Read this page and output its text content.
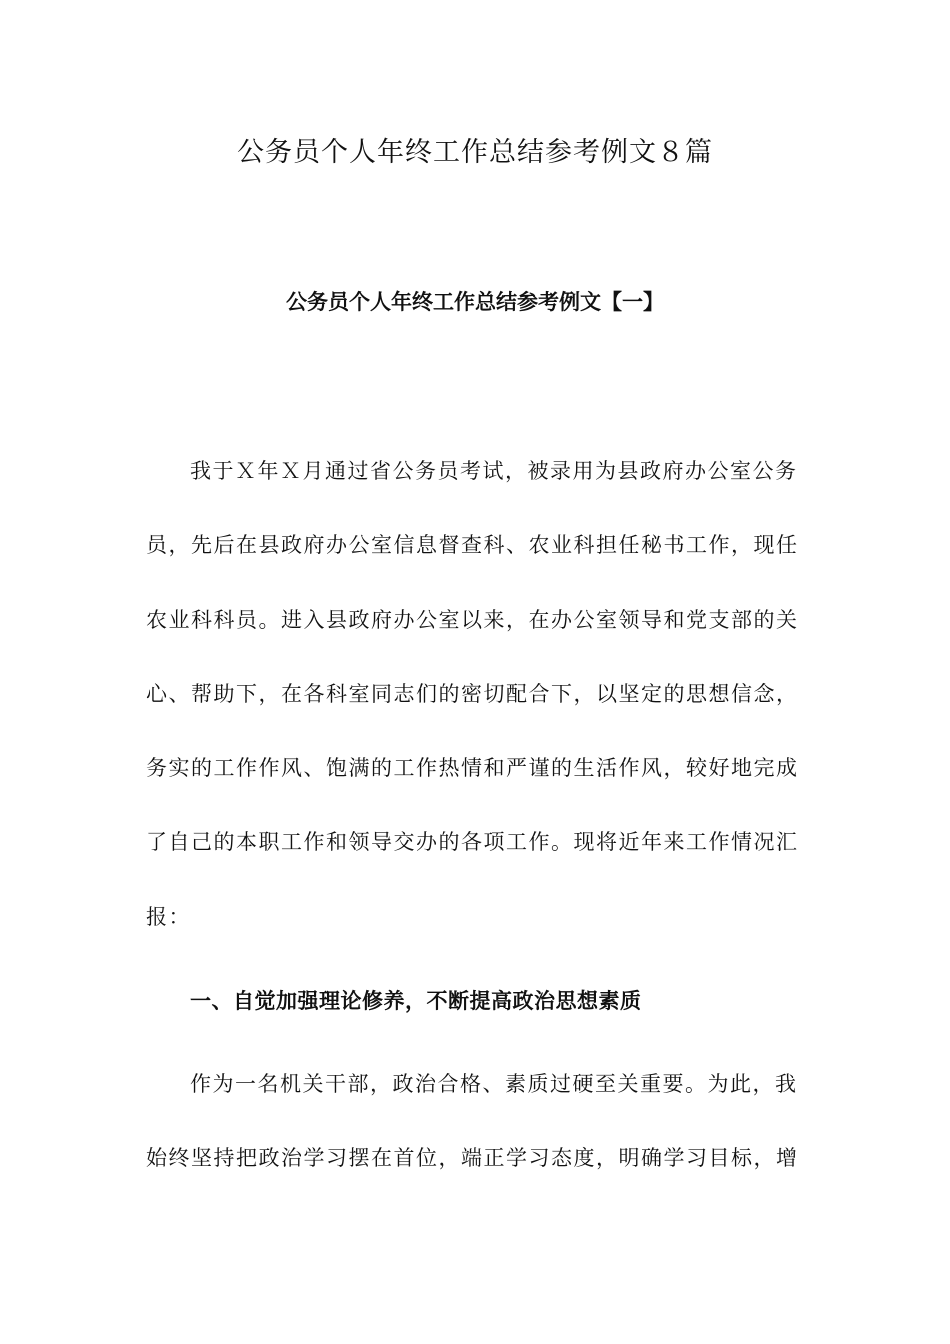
公务员个人年终工作总结参考例文８篇
公务员个人年终工作总结参考例文【一】
我于Ｘ年Ｘ月通过省公务员考试，被录用为县政府办公室公务
员，先后在县政府办公室信息督查科、农业科担任秘书工作，现任
农业科科员。进入县政府办公室以来，在办公室领导和党支部的关
心、帮助下，在各科室同志们的密切配合下，以坚定的思想信念，
务实的工作作风、饱满的工作热情和严谨的生活作风，较好地完成
了自己的本职工作和领导交办的各项工作。现将近年来工作情况汇
报：
一、自觉加强理论修养，不断提高政治思想素质
作为一名机关干部，政治合格、素质过硬至关重要。为此，我
始终坚持把政治学习摆在首位，端正学习态度，明确学习目标，增
